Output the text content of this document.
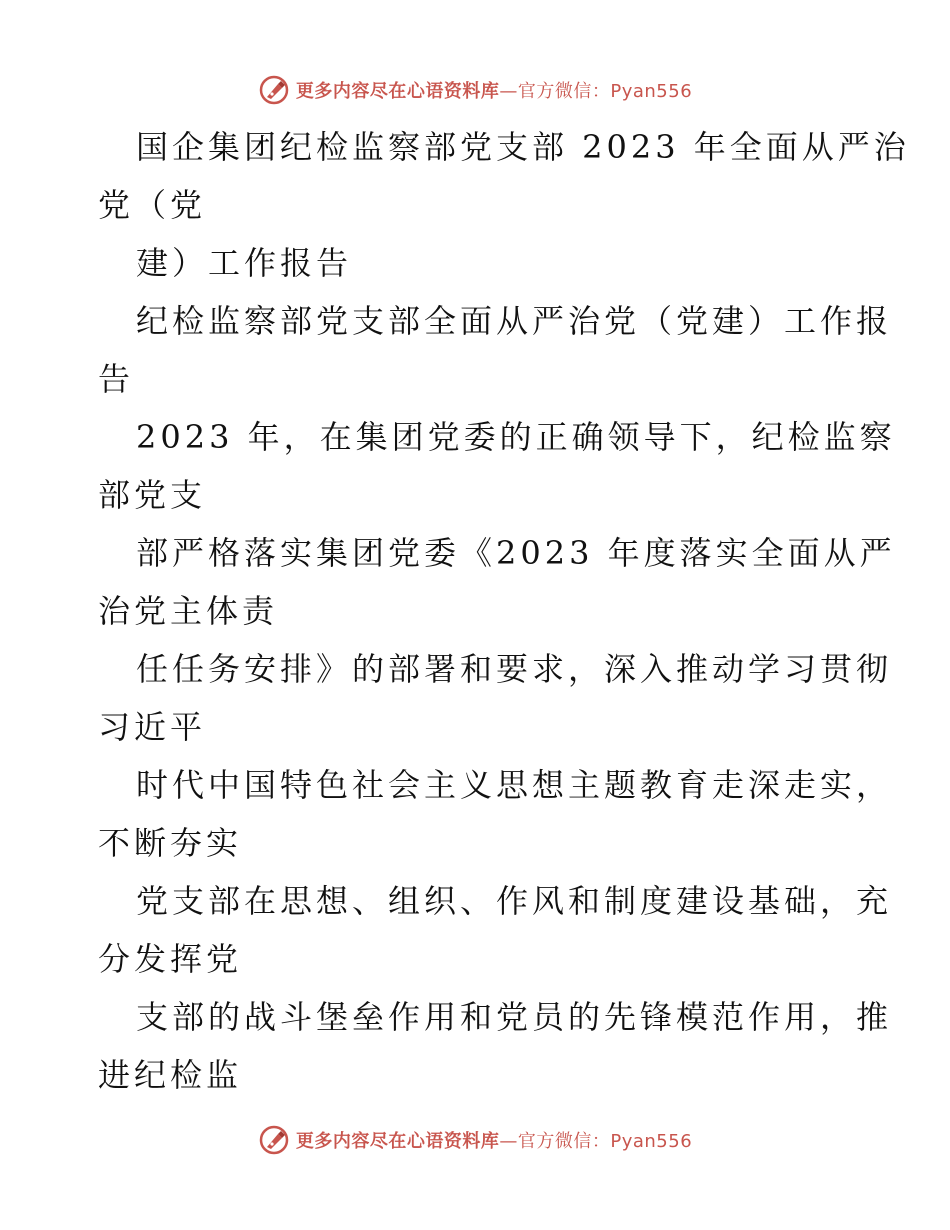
更多内容尽在心语资料库—官方微信：Pyan556
国企集团纪检监察部党支部 2023 年全面从严治
党（党
建）工作报告
纪检监察部党支部全面从严治党（党建）工作报
告
2023 年，在集团党委的正确领导下，纪检监察
部党支
部严格落实集团党委《2023 年度落实全面从严
治党主体责
任任务安排》的部署和要求，深入推动学习贯彻
习近平
时代中国特色社会主义思想主题教育走深走实，
不断夯实
党支部在思想、组织、作风和制度建设基础，充
分发挥党
支部的战斗堡垒作用和党员的先锋模范作用，推
进纪检监
更多内容尽在心语资料库—官方微信：Pyan556
